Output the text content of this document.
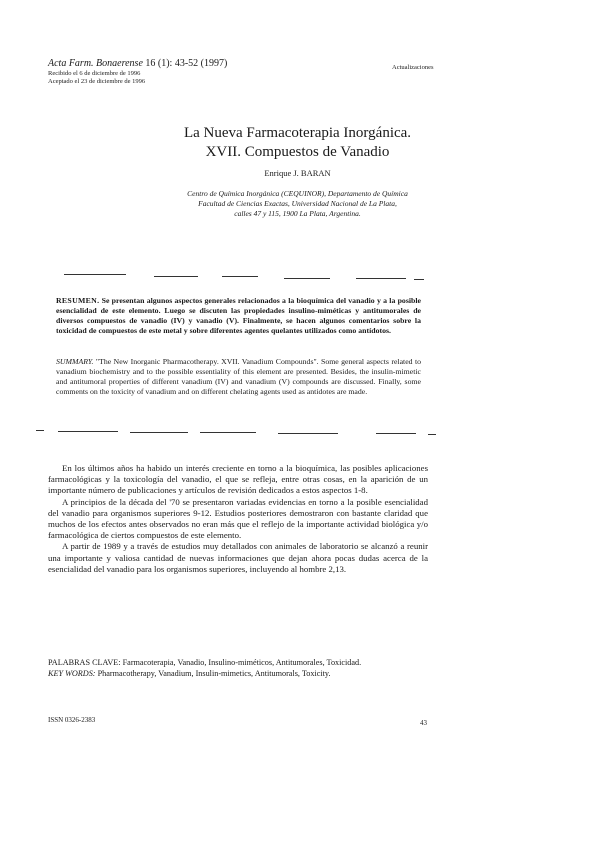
Acta Farm. Bonaerense 16 (1): 43-52 (1997)
Recibido el 6 de diciembre de 1996
Aceptado el 23 de diciembre de 1996
Actualizaciones
La Nueva Farmacoterapia Inorgánica.
XVII. Compuestos de Vanadio
Enrique J. BARAN
Centro de Química Inorgánica (CEQUINOR), Departamento de Química
Facultad de Ciencias Exactas, Universidad Nacional de La Plata,
calles 47 y 115, 1900 La Plata, Argentina.
RESUMEN. Se presentan algunos aspectos generales relacionados a la bioquímica del vanadio y a la posible esencialidad de este elemento. Luego se discuten las propiedades insulino-miméticas y antitumorales de diversos compuestos de vanadio (IV) y vanadio (V). Finalmente, se hacen algunos comentarios sobre la toxicidad de compuestos de este metal y sobre diferentes agentes quelantes utilizados como antídotos.
SUMMARY. "The New Inorganic Pharmacotherapy. XVII. Vanadium Compounds". Some general aspects related to vanadium biochemistry and to the possible essentiality of this element are presented. Besides, the insulin-mimetic and antitumoral properties of different vanadium (IV) and vanadium (V) compounds are discussed. Finally, some comments on the toxicity of vanadium and on different chelating agents used as antidotes are made.

En los últimos años ha habido un interés creciente en torno a la bioquímica, las posibles aplicaciones farmacológicas y la toxicología del vanadio, el que se refleja, entre otras cosas, en la aparición de un importante número de publicaciones y artículos de revisión dedicados a estos aspectos 1-8.

A principios de la década del '70 se presentaron variadas evidencias en torno a la posible esencialidad del vanadio para organismos superiores 9-12. Estudios posteriores demostraron con bastante claridad que muchos de los efectos antes observados no eran más que el reflejo de la importante actividad biológica y/o farmacológica de ciertos compuestos de este elemento.

A partir de 1989 y a través de estudios muy detallados con animales de laboratorio se alcanzó a reunir una importante y valiosa cantidad de nuevas informaciones que dejan ahora pocas dudas acerca de la esencialidad del vanadio para los organismos superiores, incluyendo al hombre 2,13.

PALABRAS CLAVE: Farmacoterapia, Vanadio, Insulino-miméticos, Antitumorales, Toxicidad.
KEY WORDS: Pharmacotherapy, Vanadium, Insulin-mimetics, Antitumorals, Toxicity.
ISSN 0326-2383	43
